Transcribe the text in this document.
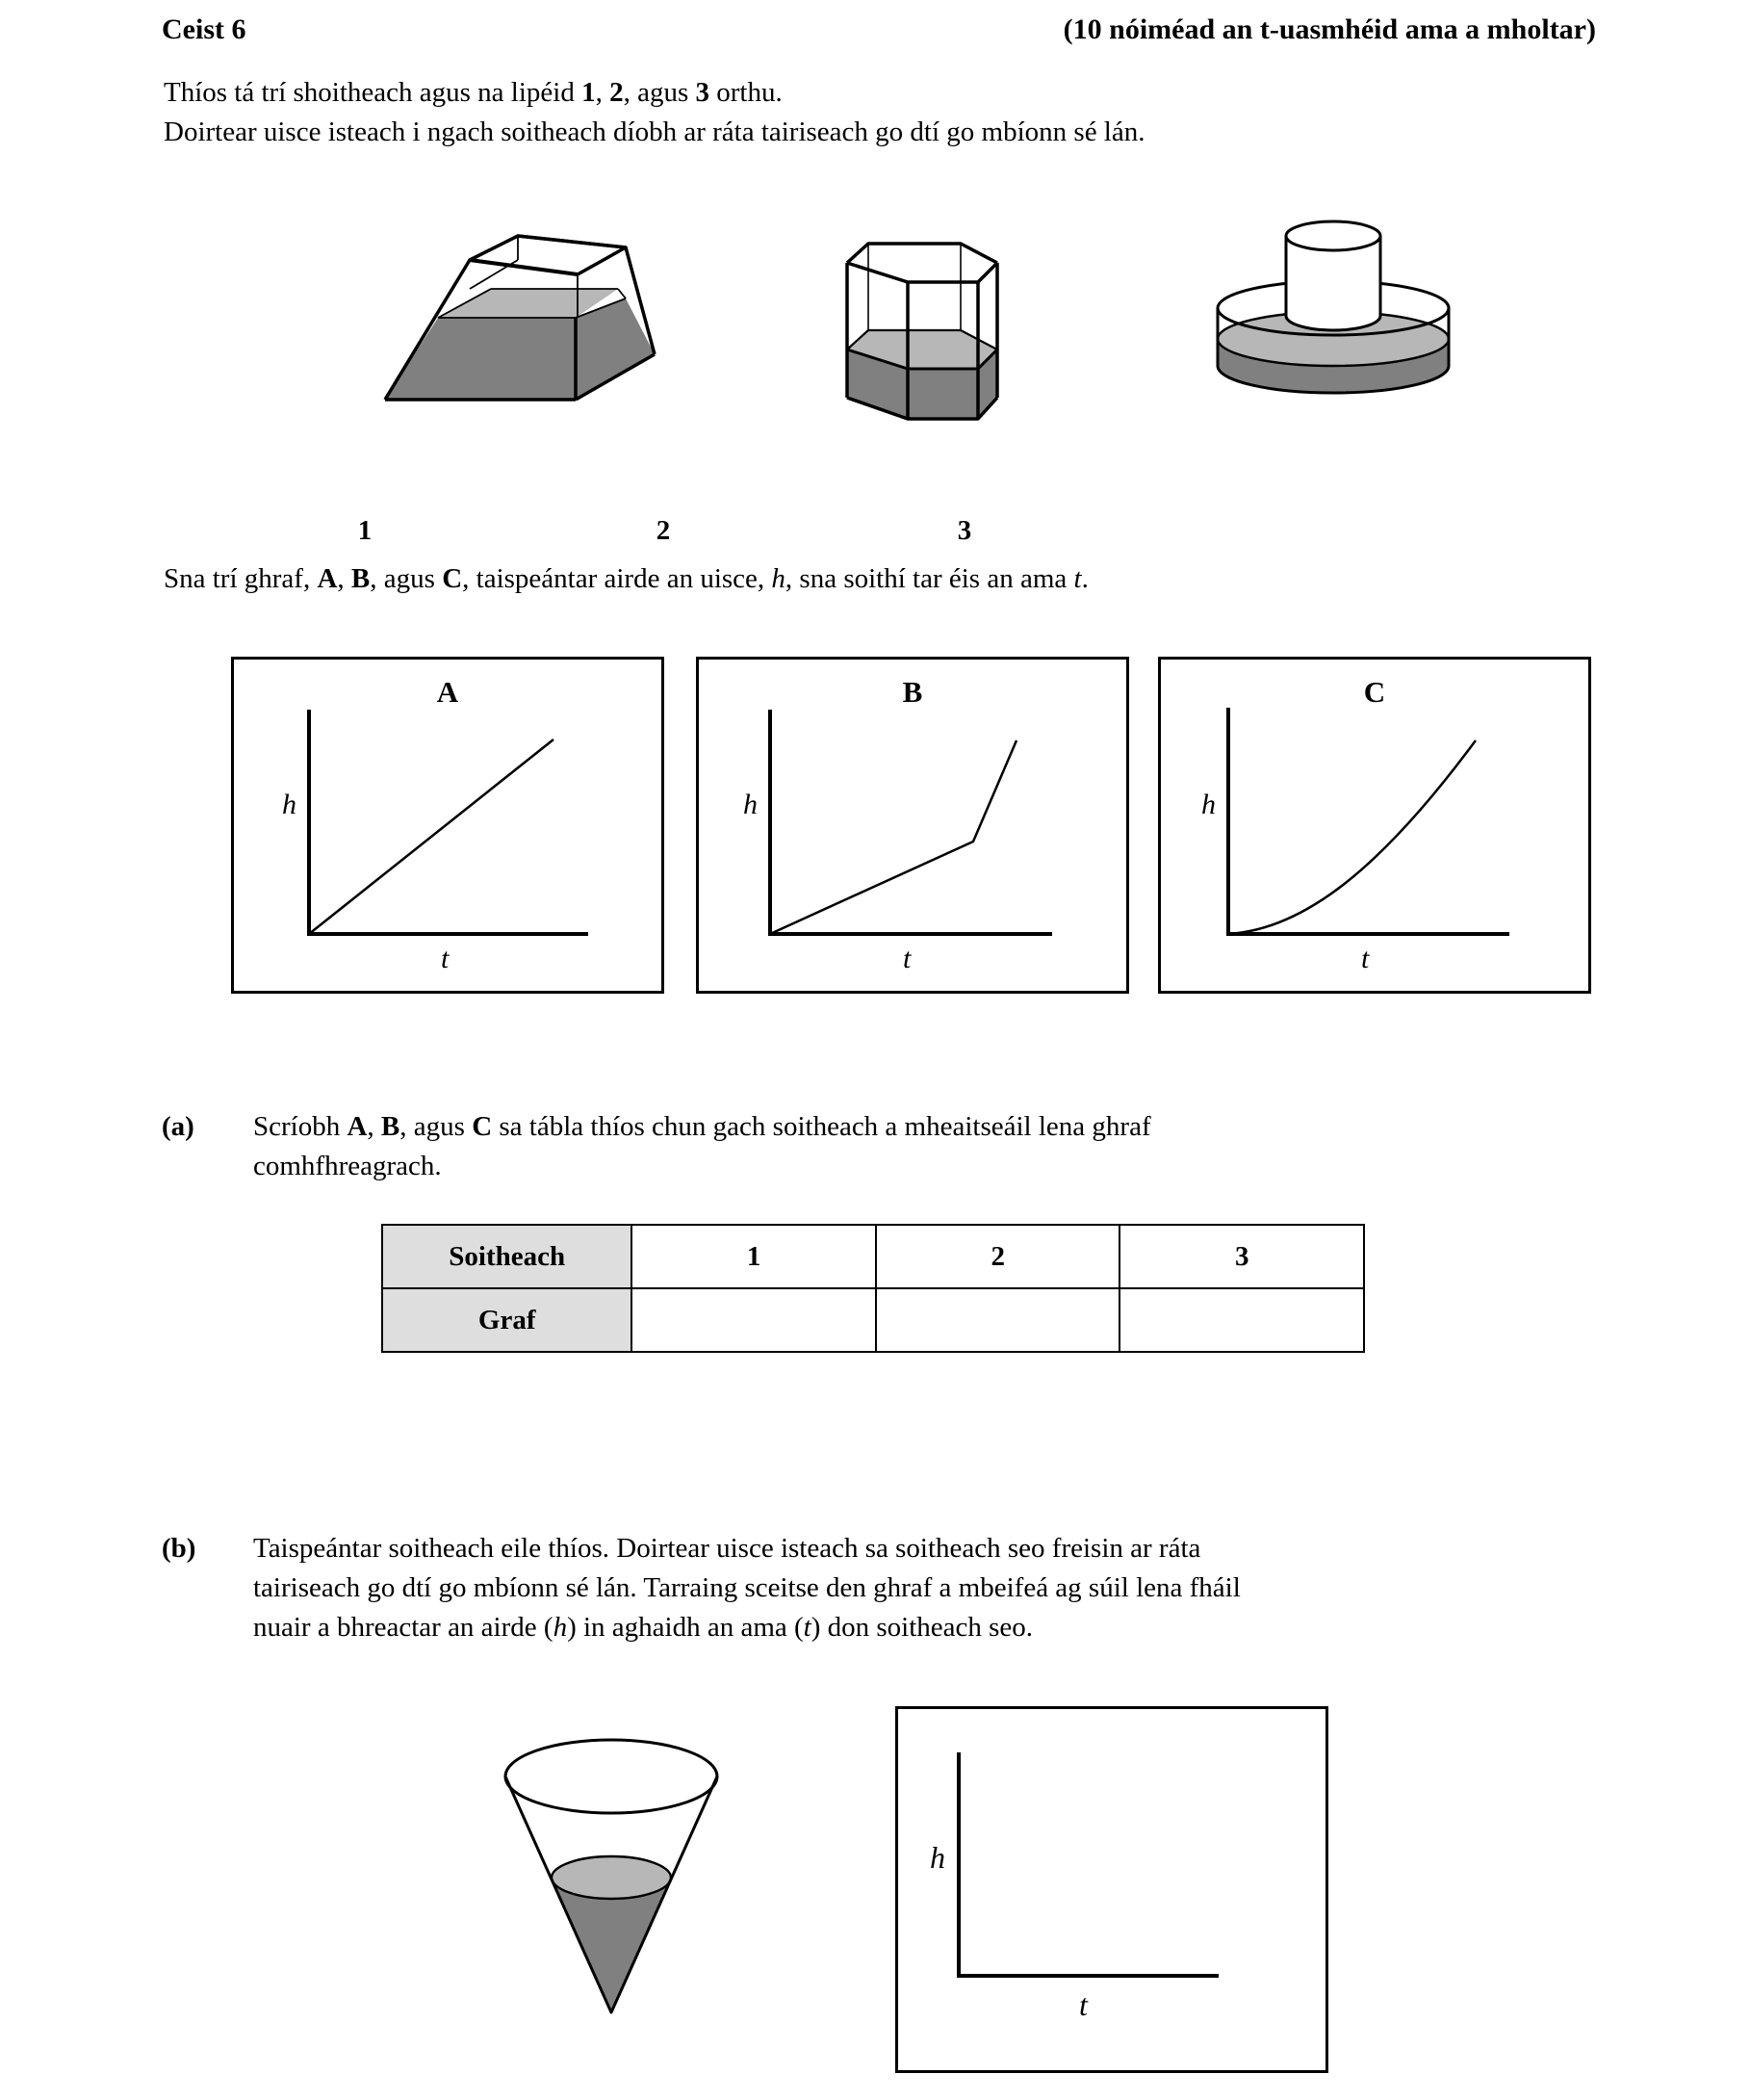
Ceist 6	(10 nóiméad an t-uasmhéid ama a mholtar)
Thíos tá trí shoitheach agus na lipéid 1, 2, agus 3 orthu.
Doirtear uisce isteach i ngach soitheach díobh ar ráta tairiseach go dtí go mbíonn sé lán.
1	2	3
Sna trí ghraf, A, B, agus C, taispeántar airde an uisce, h, sna soithí tar éis an ama t.
A
h
t
B
h
t
C
h
t
(a) Scríobh A, B, agus C sa tábla thíos chun gach soitheach a mheaitseáil lena ghraf
comhfhreagrach.
Soitheach	1	2	3
Graf			
(b) Taispeántar soitheach eile thíos. Doirtear uisce isteach sa soitheach seo freisin ar ráta
tairiseach go dtí go mbíonn sé lán. Tarraing sceitse den ghraf a mbeifeá ag súil lena fháil
nuair a bhreactar an airde (h) in aghaidh an ama (t) don soitheach seo.
h
t
